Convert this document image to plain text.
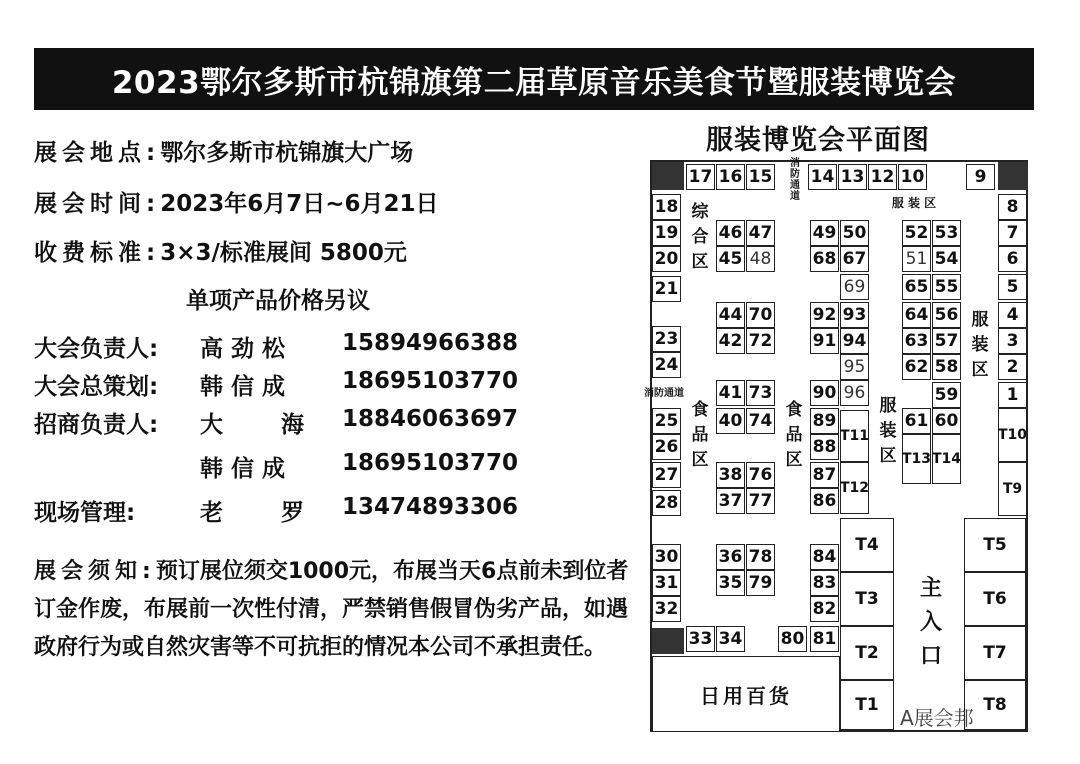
2023鄂尔多斯市杭锦旗第二届草原音乐美食节暨服装博览会
展会地点:鄂尔多斯市杭锦旗大广场
展会时间:2023年6月7日~6月21日
收费标准:3×3/标准展间 5800元
单项产品价格另议
大会负责人: 高 劲 松 15894966388
大会总策划: 韩 信 成 18695103770
招商负责人: 大 海 18846063697
韩 信 成 18695103770
现场管理:	老 罗 13474893306
展会须知:预订展位须交1000元，布展当天6点前未到位者订金作废，布展前一次性付清，严禁销售假冒伪劣产品，如遇政府行为或自然灾害等不可抗拒的情况本公司不承担责任。
服装博览会平面图
17 16 15
消防通道
14 13 12 10	9
服 装 区
18
19
20
21
23
24
消防通道
25
26
27
28
30
31
32
33 34
综合区
食品区
食品区
服装区
服装区
46 47
45 48
44 70
42 72
41 73
40 74
38 76
37 77
36 78
35 79
49 50
68 67
69
92 93
91 94
95
90 96
89
88
87
86
T11
T12
84
83
82
80 81
52 53
51 54
65 55
64 56
63 57
62 58
59
61 60
T13 T14
8
7
6
5
4
3
2
1
T10
T9
T4
T3
T2
T1
T5
T6
T7
T8
主入口
日用百货
A展会邦
